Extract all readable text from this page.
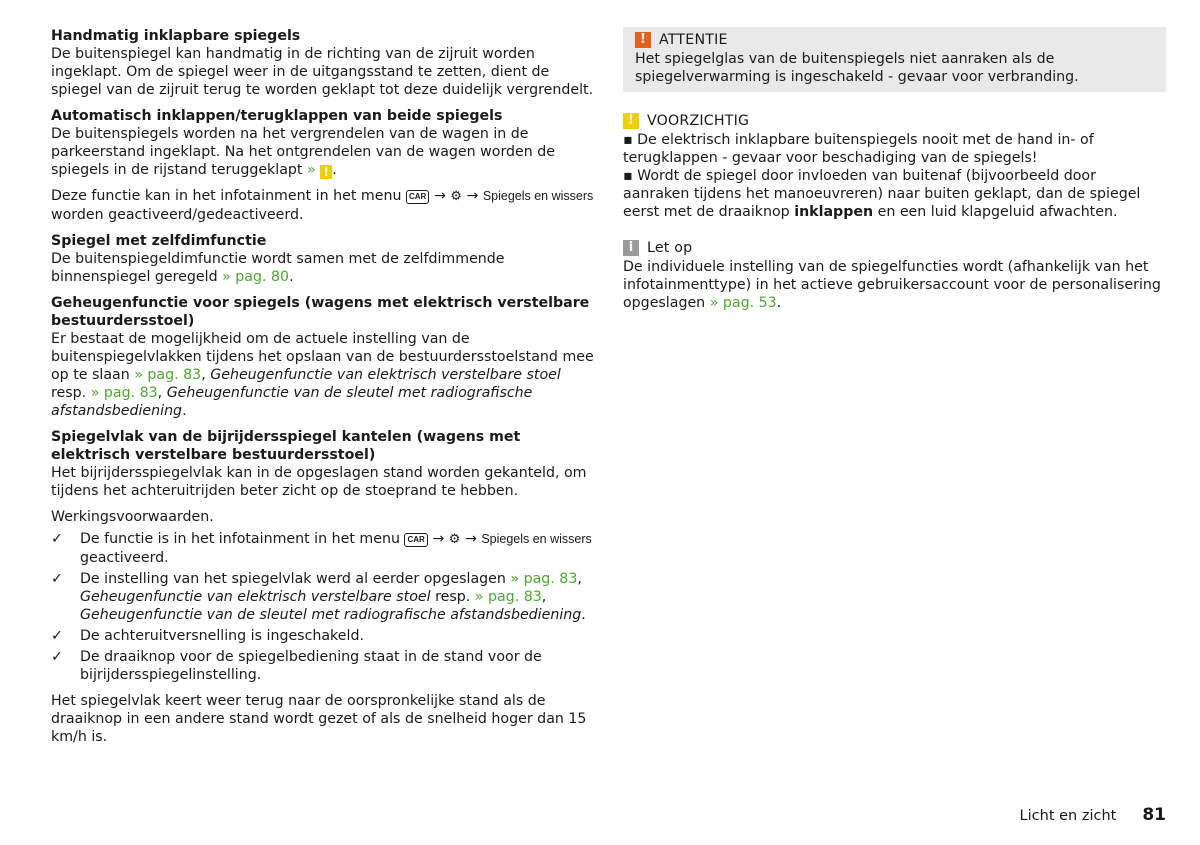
Handmatig inklapbare spiegels

De buitenspiegel kan handmatig in de richting van de zijruit worden ingeklapt. Om de spiegel weer in de uitgangsstand te zetten, dient de spiegel van de zijruit terug te worden geklapt tot deze duidelijk vergrendelt.

Automatisch inklappen/terugklappen van beide spiegels

De buitenspiegels worden na het vergrendelen van de wagen in de parkeerstand ingeklapt. Na het ontgrendelen van de wagen worden de spiegels in de rijstand teruggeklapt » ! .

Deze functie kan in het infotainment in het menu CAR → ⚙ → Spiegels en wissers worden geactiveerd/gedeactiveerd.

Spiegel met zelfdimfunctie

De buitenspiegeldimfunctie wordt samen met de zelfdimmende binnenspiegel geregeld » pag. 80.

Geheugenfunctie voor spiegels (wagens met elektrisch verstelbare bestuurdersstoel)

Er bestaat de mogelijkheid om de actuele instelling van de buitenspiegelvlakken tijdens het opslaan van de bestuurdersstoelstand mee op te slaan » pag. 83, Geheugenfunctie van elektrisch verstelbare stoel resp. » pag. 83, Geheugenfunctie van de sleutel met radiografische afstandsbediening.

Spiegelvlak van de bijrijdersspiegel kantelen (wagens met elektrisch verstelbare bestuurdersstoel)

Het bijrijdersspiegelvlak kan in de opgeslagen stand worden gekanteld, om tijdens het achteruitrijden beter zicht op de stoeprand te hebben.

Werkingsvoorwaarden.

✓ De functie is in het infotainment in het menu CAR → ⚙ → Spiegels en wissers geactiveerd.
✓ De instelling van het spiegelvlak werd al eerder opgeslagen » pag. 83, Geheugenfunctie van elektrisch verstelbare stoel resp. » pag. 83, Geheugenfunctie van de sleutel met radiografische afstandsbediening.
✓ De achteruitversnelling is ingeschakeld.
✓ De draaiknop voor de spiegelbediening staat in de stand voor de bijrijdersspiegelinstelling.

Het spiegelvlak keert weer terug naar de oorspronkelijke stand als de draaiknop in een andere stand wordt gezet of als de snelheid hoger dan 15 km/h is.

! ATTENTIE

Het spiegelglas van de buitenspiegels niet aanraken als de spiegelverwarming is ingeschakeld - gevaar voor verbranding.

! VOORZICHTIG

▪ De elektrisch inklapbare buitenspiegels nooit met de hand in- of terugklappen - gevaar voor beschadiging van de spiegels!

▪ Wordt de spiegel door invloeden van buitenaf (bijvoorbeeld door aanraken tijdens het manoeuvreren) naar buiten geklapt, dan de spiegel eerst met de draaiknop inklappen en een luid klapgeluid afwachten.

i Let op

De individuele instelling van de spiegelfuncties wordt (afhankelijk van het infotainmenttype) in het actieve gebruikersaccount voor de personalisering opgeslagen » pag. 53.

Licht en zicht 81
